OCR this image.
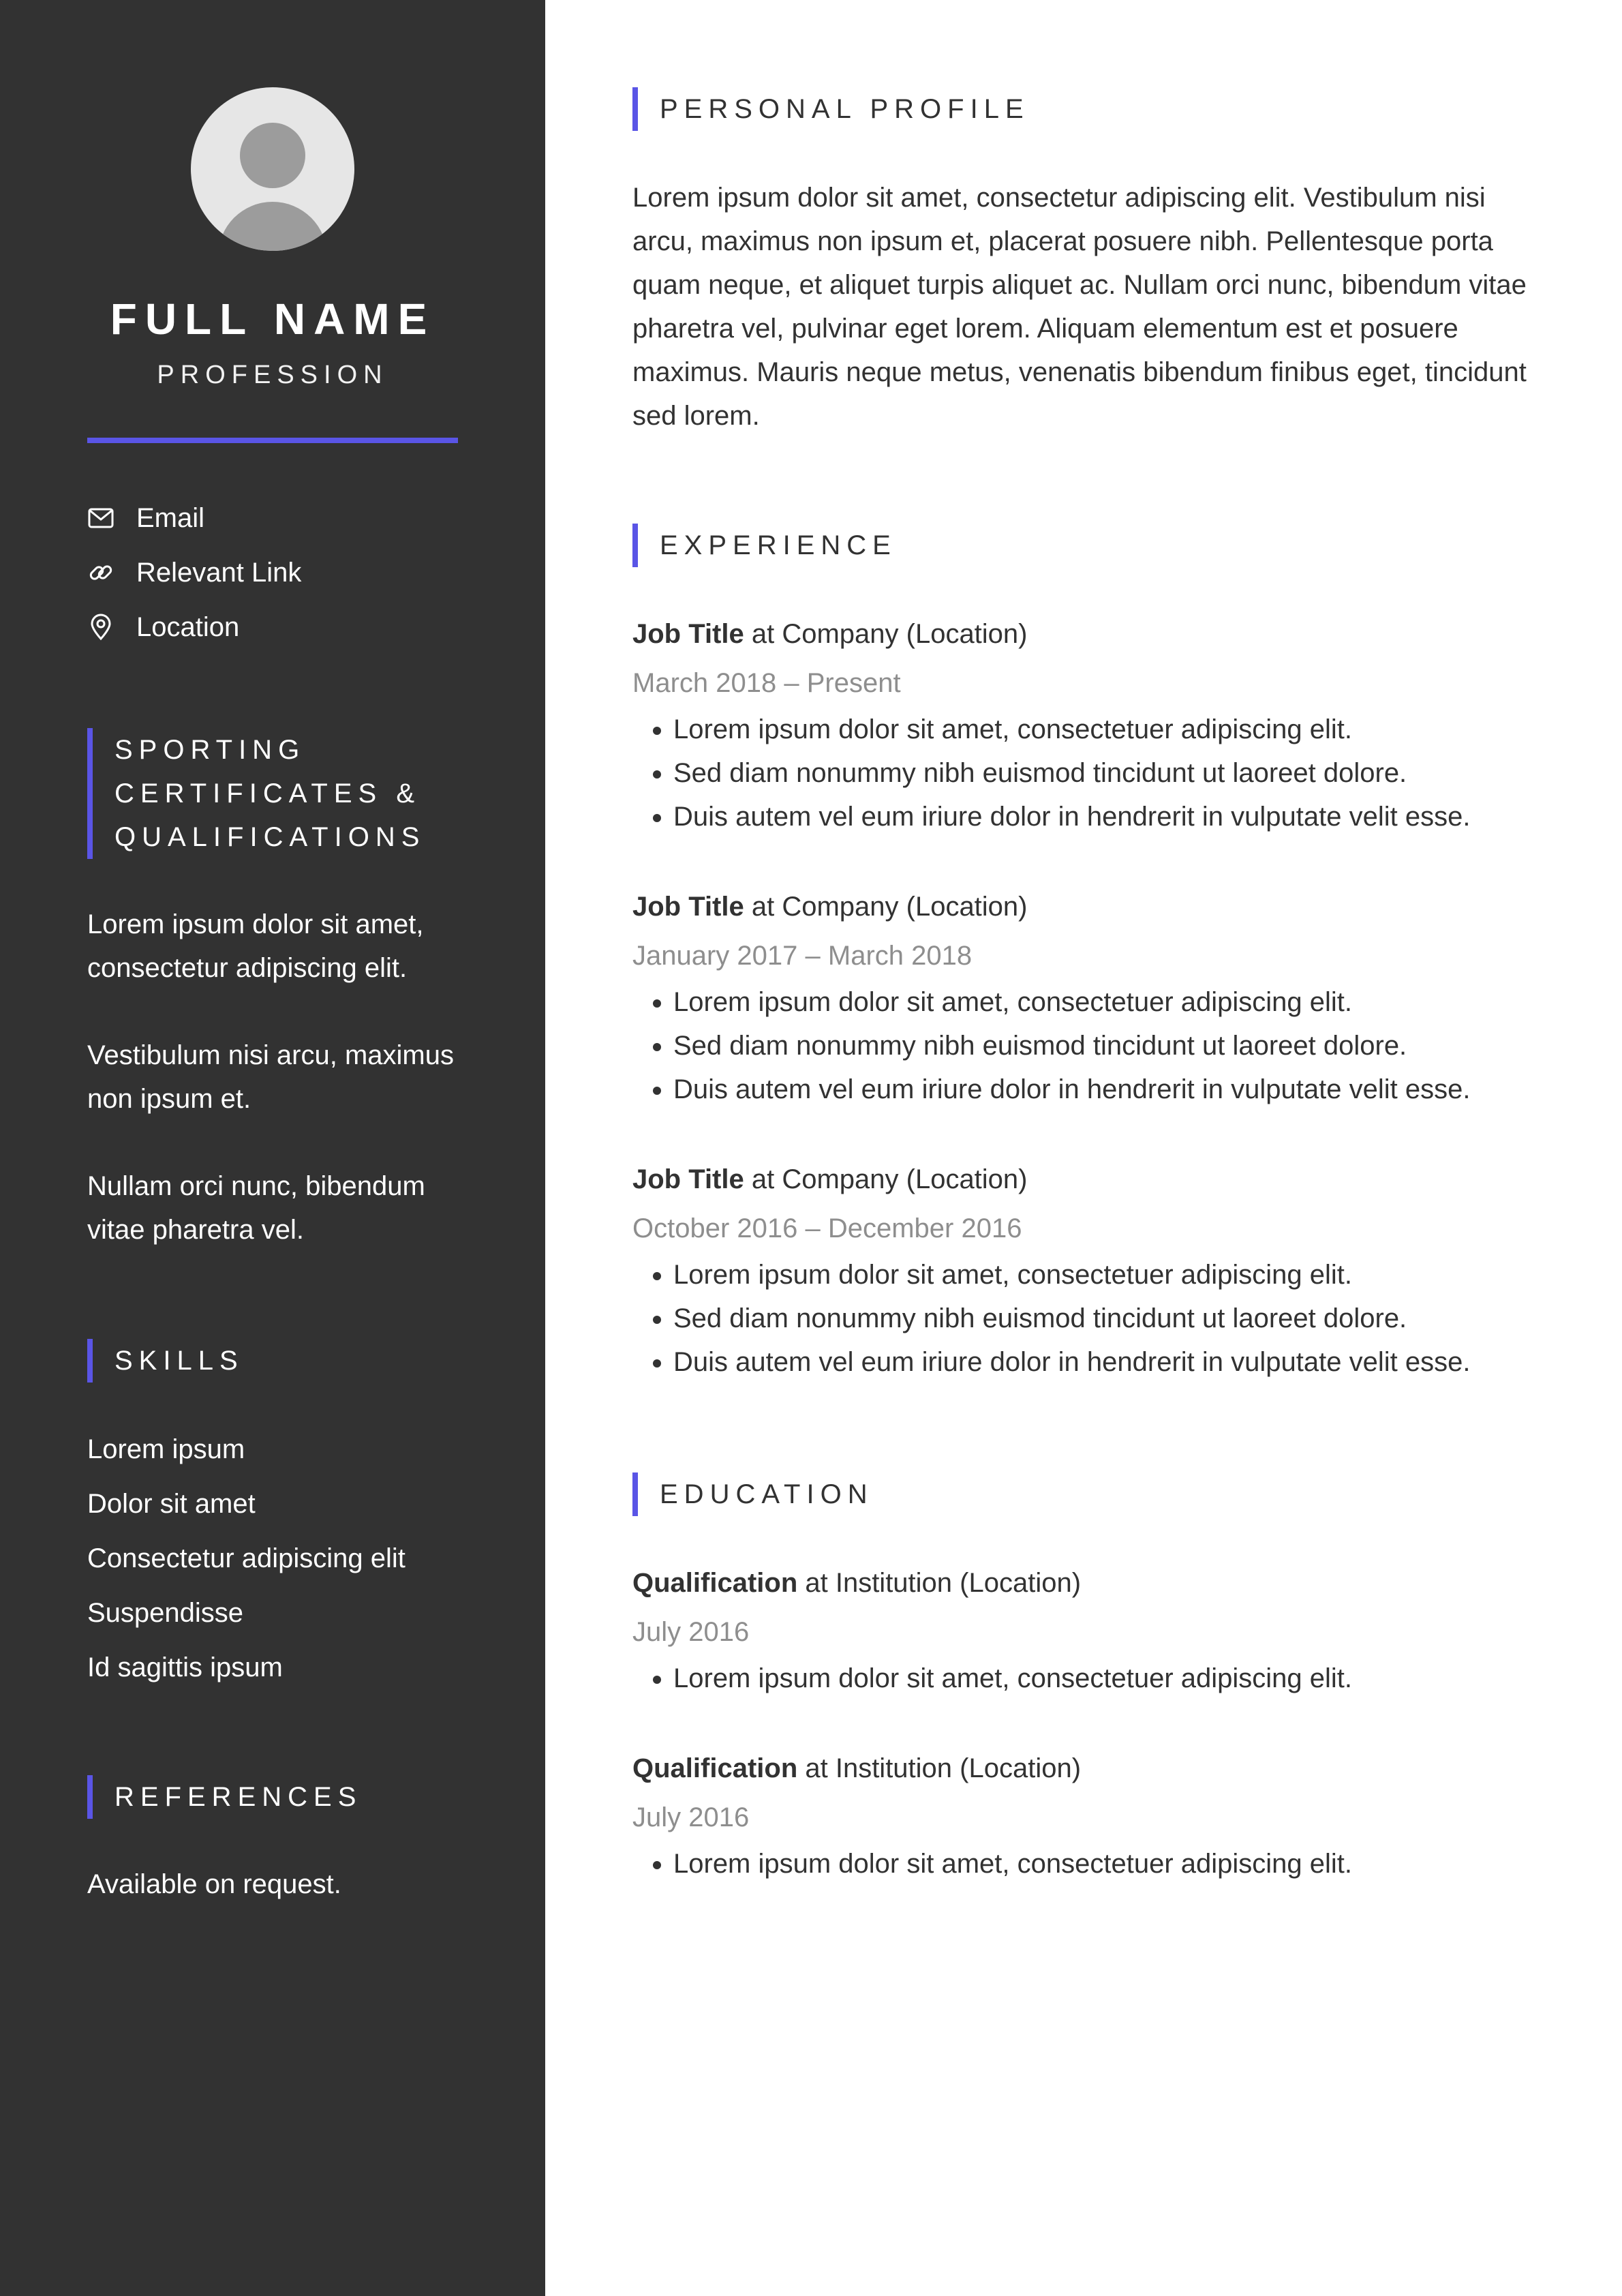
FULL NAME
PROFESSION
Email
Relevant Link
Location
SPORTING CERTIFICATES & QUALIFICATIONS

Lorem ipsum dolor sit amet, consectetur adipiscing elit.

Vestibulum nisi arcu, maximus non ipsum et.

Nullam orci nunc, bibendum vitae pharetra vel.

SKILLS
Lorem ipsum
Dolor sit amet
Consectetur adipiscing elit
Suspendisse
Id sagittis ipsum
REFERENCES
Available on request.
PERSONAL PROFILE
Lorem ipsum dolor sit amet, consectetur adipiscing elit. Vestibulum nisi arcu, maximus non ipsum et, placerat posuere nibh. Pellentesque porta quam neque, et aliquet turpis aliquet ac. Nullam orci nunc, bibendum vitae pharetra vel, pulvinar eget lorem. Aliquam elementum est et posuere maximus. Mauris neque metus, venenatis bibendum finibus eget, tincidunt sed lorem.
EXPERIENCE
Job Title at Company (Location)
March 2018 – Present
• Lorem ipsum dolor sit amet, consectetuer adipiscing elit.
• Sed diam nonummy nibh euismod tincidunt ut laoreet dolore.
• Duis autem vel eum iriure dolor in hendrerit in vulputate velit esse.
Job Title at Company (Location)
January 2017 – March 2018
• Lorem ipsum dolor sit amet, consectetuer adipiscing elit.
• Sed diam nonummy nibh euismod tincidunt ut laoreet dolore.
• Duis autem vel eum iriure dolor in hendrerit in vulputate velit esse.
Job Title at Company (Location)
October 2016 – December 2016
• Lorem ipsum dolor sit amet, consectetuer adipiscing elit.
• Sed diam nonummy nibh euismod tincidunt ut laoreet dolore.
• Duis autem vel eum iriure dolor in hendrerit in vulputate velit esse.
EDUCATION
Qualification at Institution (Location)
July 2016
• Lorem ipsum dolor sit amet, consectetuer adipiscing elit.
Qualification at Institution (Location)
July 2016
• Lorem ipsum dolor sit amet, consectetuer adipiscing elit.
